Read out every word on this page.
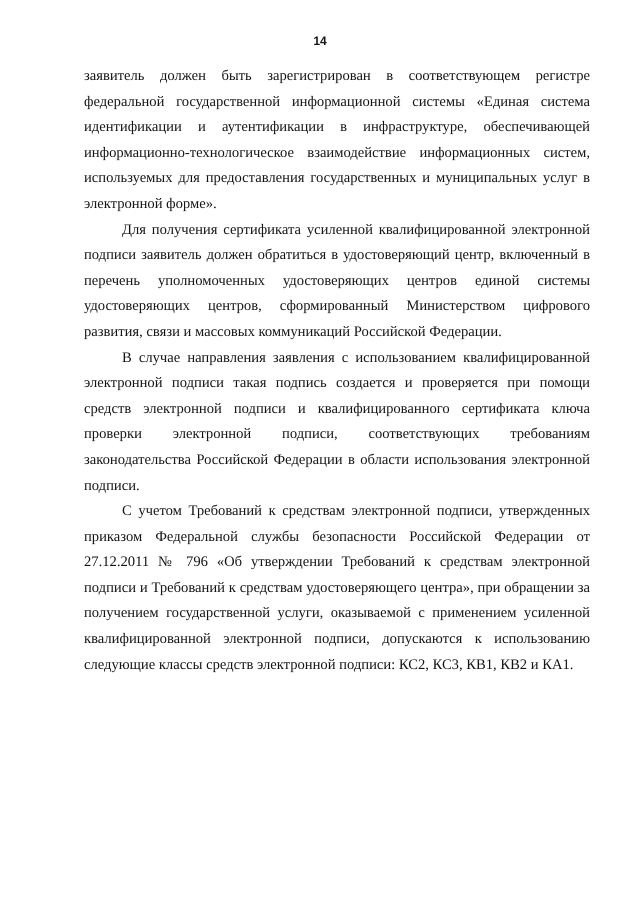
14

заявитель должен быть зарегистрирован в соответствующем регистре федеральной государственной информационной системы «Единая система идентификации и аутентификации в инфраструктуре, обеспечивающей информационно-технологическое взаимодействие информационных систем, используемых для предоставления государственных и муниципальных услуг в электронной форме».

Для получения сертификата усиленной квалифицированной электронной подписи заявитель должен обратиться в удостоверяющий центр, включенный в перечень уполномоченных удостоверяющих центров единой системы удостоверяющих центров, сформированный Министерством цифрового развития, связи и массовых коммуникаций Российской Федерации.

В случае направления заявления с использованием квалифицированной электронной подписи такая подпись создается и проверяется при помощи средств электронной подписи и квалифицированного сертификата ключа проверки электронной подписи, соответствующих требованиям законодательства Российской Федерации в области использования электронной подписи.

С учетом Требований к средствам электронной подписи, утвержденных приказом Федеральной службы безопасности Российской Федерации от 27.12.2011 № 796 «Об утверждении Требований к средствам электронной подписи и Требований к средствам удостоверяющего центра», при обращении за получением государственной услуги, оказываемой с применением усиленной квалифицированной электронной подписи, допускаются к использованию следующие классы средств электронной подписи: КС2, КС3, КВ1, КВ2 и КА1.
